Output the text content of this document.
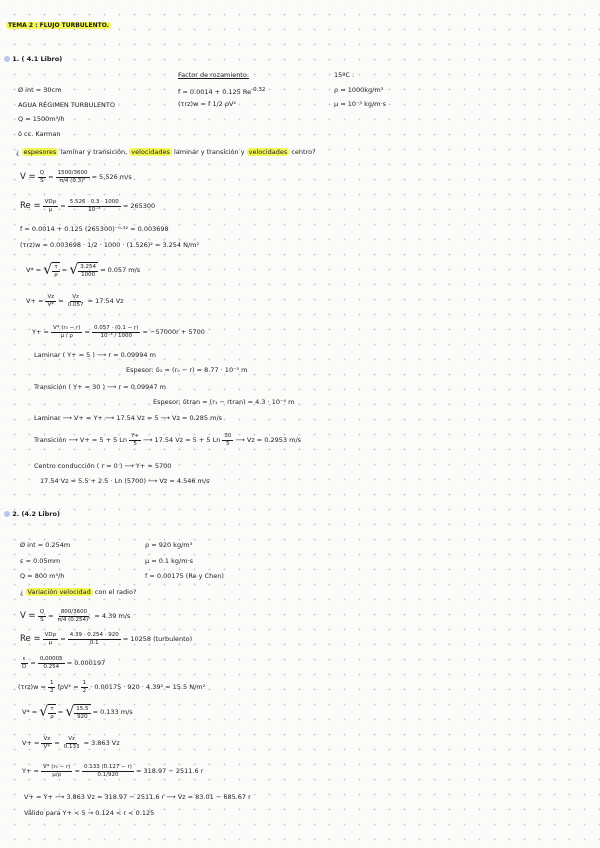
TEMA 2 : FLUJO TURBULENTO.
1. ( 4.1 Libro)
Ø int = 30cm
AGUA RÉGIMEN TURBULENTO
Q = 1500m³/h
δ cc. Karman
Factor de rozamiento:
f = 0.0014 + 0.125 $Re^{-0.32}$
(τrz)w = f 1/2 ρV²
15ºC :
ρ = 1000kg/m³
μ = 10⁻³ kg/m·s
¿ espesores laminar y transición, velocidades laminar y transición y velocidades centro?
$V = \frac{Q}{S} = \frac{1500/3600}{\text{π/4 (0.3)²}} = 5.526$ m/s
$Re = \frac{\text{VDρ}}{\mu} = \frac{5.526 \cdot 0.3 \cdot 1000}{\text{10⁻³}} = 265300$
f = 0.0014 + 0.125 (265300)⁻⁰·³² = 0.003698
(τrz)w = 0.003698 · 1/2 · 1000 · (1.526)² = 3.254 N/m²
V* = √ $\frac{\tau}{\rho}$ = √ $\frac{3.254}{1000} = 0.057$ m/s
$V+ = \frac{Vz}{V*} = \frac{Vz}{0.057} = 17.54$ Vz
$Y+ = \frac{\text{V* (r₀ − r)}}{\mu / \rho} = \frac{0.057 \cdot (0.1 - r)}{\text{10⁻³ / 1000}} = -57000r + 5700$
Laminar ( Y+ = 5 ) ⟶ r = 0.09994 m
Espesor: δ₁ = (r₀ − r) = 8.77 · 10⁻⁵ m
Transición ( Y+ = 30 ) ⟶ r = 0.09947 m
Espesor: δtran = (r₁ − rtran) = 4.3 · 10⁻⁴ m
Laminar ⟶ V+ = Y+ ⟶ 17.54 Vz = 5 ⟶ Vz = 0.285 m/s
Transición ⟶ V+ = 5 + 5 Ln $\frac{Y+}{5}$ ⟶ 17.54 Vz = 5 + 5 Ln $\frac{30}{5}$ ⟶ Vz = 0.2953 m/s
Centro conducción ( r = 0 ) ⟶ Y+ = 5700
17.54 Vz = 5.5 + 2.5 · Ln (5700) ⟶ Vz = 4.546 m/s
2. (4.2 Libro)
Ø int = 0.254m
ε = 0.05mm
Q = 800 m³/h
ρ = 920 kg/m³
μ = 0.1 kg/m·s
f = 0.00175 (Re y Chen)
¿ Variación velocidad con el radio?
$V = \frac{Q}{S} = \frac{800/3600}{\text{π/4 (0.254)²}} = 4.39$ m/s
$Re = \frac{\text{VDρ}}{\mu} = \frac{4.39 \cdot 0.254 \cdot 920}{0.1} = 10258$ (turbulento)
$\frac{\varepsilon}{D} = \frac{0.00005}{0.254} = 0.000197$
$(\tau rz)w = \frac{1}{2} f\rho V^2 = \frac{1}{2} \cdot 0.00175 \cdot 920 \cdot 4.39^2 = 15.5$ N/m²
V* = √ $\frac{\tau}{\rho}$ = √ $\frac{15.5}{920} = 0.133$ m/s
$V+ = \frac{Vz}{V*} = \frac{Vz}{0.133} = 3.863$ Vz
$Y+ = \frac{\text{V* (r₀ − r)}}{\mu/\rho} = \frac{0.133 (0.127 - r)}{0.1/920} = 318.97 - 2511.6$ r
V+ = Y+ ⟶ 3.863 Vz = 318.97 − 2511.6 r ⟶ Vz = 83.01 − 685.67 r
Válido para Y+ < 5 → 0.124 < r < 0.125
